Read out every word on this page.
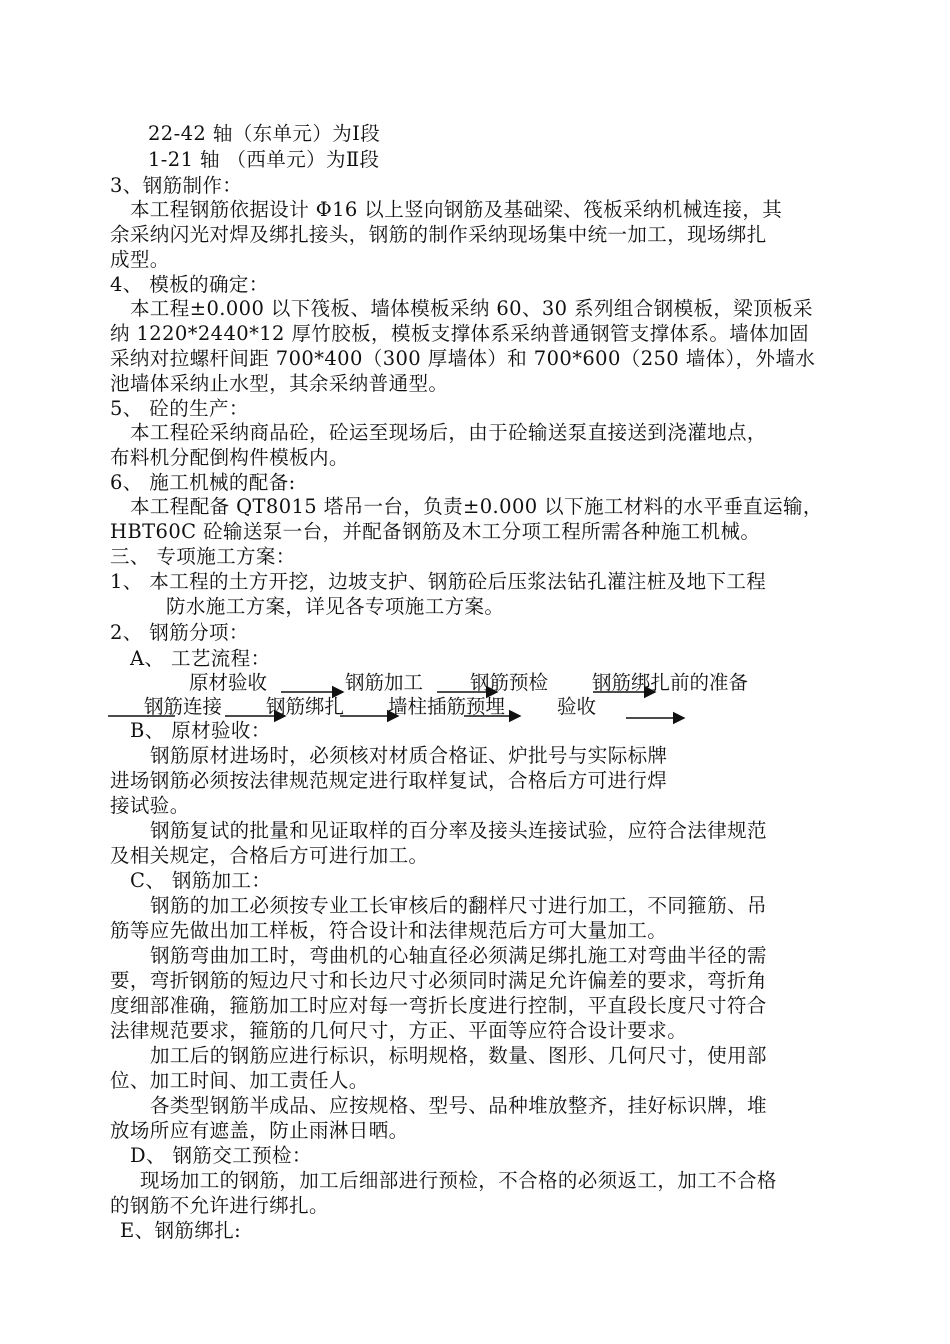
22-42 轴（东单元）为Ⅰ段
1-21 轴 （西单元）为Ⅱ段
3、钢筋制作：
本工程钢筋依据设计 Φ16 以上竖向钢筋及基础梁、筏板采纳机械连接，其
余采纳闪光对焊及绑扎接头，钢筋的制作采纳现场集中统一加工，现场绑扎
成型。
4、 模板的确定：
本工程±0.000 以下筏板、墙体模板采纳 60、30 系列组合钢模板，梁顶板采
纳 1220*2440*12 厚竹胶板，模板支撑体系采纳普通钢管支撑体系。墙体加固
采纳对拉螺杆间距 700*400（300 厚墙体）和 700*600（250 墙体），外墙水
池墙体采纳止水型，其余采纳普通型。
5、 砼的生产：
本工程砼采纳商品砼，砼运至现场后，由于砼输送泵直接送到浇灌地点，
布料机分配倒构件模板内。
6、 施工机械的配备:
本工程配备 QT8015 塔吊一台，负责±0.000 以下施工材料的水平垂直运输，
HBT60C 砼输送泵一台，并配备钢筋及木工分项工程所需各种施工机械。
三、 专项施工方案：
1、 本工程的土方开挖，边坡支护、钢筋砼后压浆法钻孔灌注桩及地下工程
防水施工方案，详见各专项施工方案。
2、 钢筋分项：
A、 工艺流程：
原材验收	钢筋加工 钢筋预检 钢筋绑扎前的准备
钢筋连接 钢筋绑扎 墙柱插筋预埋	验收
B、 原材验收：
钢筋原材进场时，必须核对材质合格证、炉批号与实际标牌
进场钢筋必须按法律规范规定进行取样复试，合格后方可进行焊
接试验。
钢筋复试的批量和见证取样的百分率及接头连接试验，应符合法律规范
及相关规定，合格后方可进行加工。
C、 钢筋加工：
钢筋的加工必须按专业工长审核后的翻样尺寸进行加工，不同箍筋、吊
筋等应先做出加工样板，符合设计和法律规范后方可大量加工。
钢筋弯曲加工时，弯曲机的心轴直径必须满足绑扎施工对弯曲半径的需
要，弯折钢筋的短边尺寸和长边尺寸必须同时满足允许偏差的要求，弯折角
度细部准确，箍筋加工时应对每一弯折长度进行控制，平直段长度尺寸符合
法律规范要求，箍筋的几何尺寸，方正、平面等应符合设计要求。
加工后的钢筋应进行标识，标明规格，数量、图形、几何尺寸，使用部
位、加工时间、加工责任人。
各类型钢筋半成品、应按规格、型号、品种堆放整齐，挂好标识牌，堆
放场所应有遮盖，防止雨淋日晒。
D、 钢筋交工预检：
现场加工的钢筋，加工后细部进行预检，不合格的必须返工，加工不合格
的钢筋不允许进行绑扎。
E、钢筋绑扎:
